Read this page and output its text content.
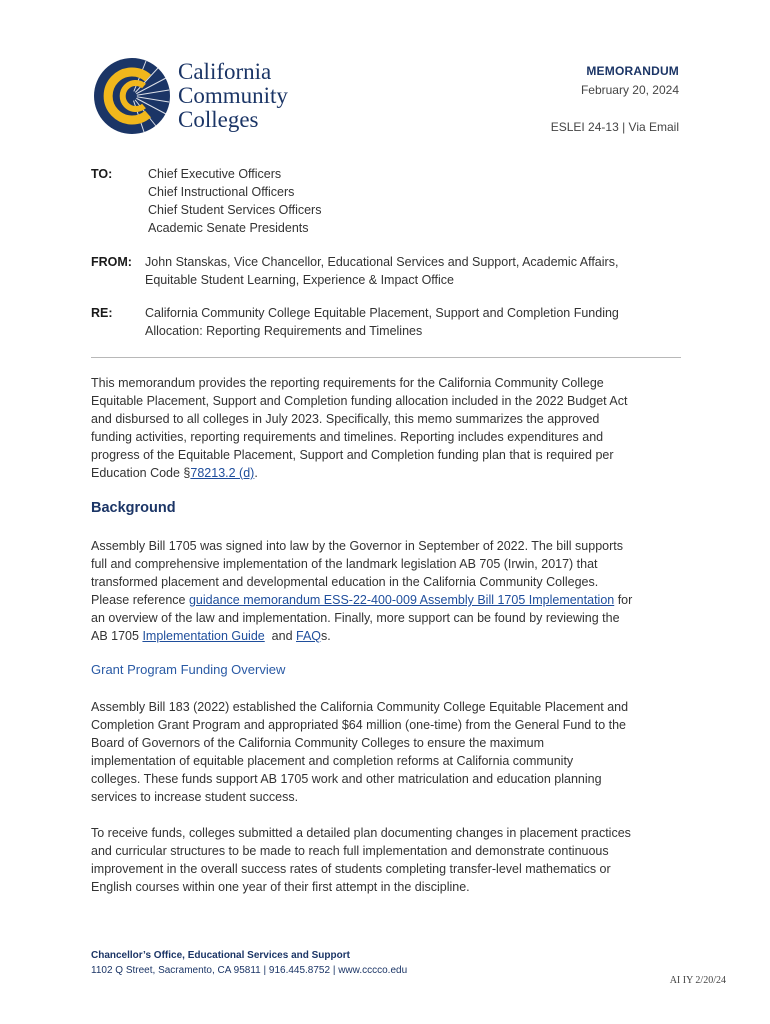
California
Community
Colleges
MEMORANDUM
February 20, 2024
ESLEI 24-13 | Via Email
TO:	Chief Executive Officers
Chief Instructional Officers
Chief Student Services Officers
Academic Senate Presidents
FROM: John Stanskas, Vice Chancellor, Educational Services and Support, Academic Affairs,
Equitable Student Learning, Experience & Impact Office
RE:	California Community College Equitable Placement, Support and Completion Funding
Allocation: Reporting Requirements and Timelines
This memorandum provides the reporting requirements for the California Community College
Equitable Placement, Support and Completion funding allocation included in the 2022 Budget Act
and disbursed to all colleges in July 2023. Specifically, this memo summarizes the approved
funding activities, reporting requirements and timelines. Reporting includes expenditures and
progress of the Equitable Placement, Support and Completion funding plan that is required per
Education Code §78213.2 (d).
Background
Assembly Bill 1705 was signed into law by the Governor in September of 2022. The bill supports
full and comprehensive implementation of the landmark legislation AB 705 (Irwin, 2017) that
transformed placement and developmental education in the California Community Colleges.
Please reference guidance memorandum ESS-22-400-009 Assembly Bill 1705 Implementation for
an overview of the law and implementation. Finally, more support can be found by reviewing the
AB 1705 Implementation Guide  and FAQs.
Grant Program Funding Overview
Assembly Bill 183 (2022) established the California Community College Equitable Placement and
Completion Grant Program and appropriated $64 million (one-time) from the General Fund to the
Board of Governors of the California Community Colleges to ensure the maximum
implementation of equitable placement and completion reforms at California community
colleges. These funds support AB 1705 work and other matriculation and education planning
services to increase student success.
To receive funds, colleges submitted a detailed plan documenting changes in placement practices
and curricular structures to be made to reach full implementation and demonstrate continuous
improvement in the overall success rates of students completing transfer-level mathematics or
English courses within one year of their first attempt in the discipline.
Chancellor’s Office, Educational Services and Support
1102 Q Street, Sacramento, CA 95811 | 916.445.8752 | www.cccco.edu
AI IY 2/20/24
